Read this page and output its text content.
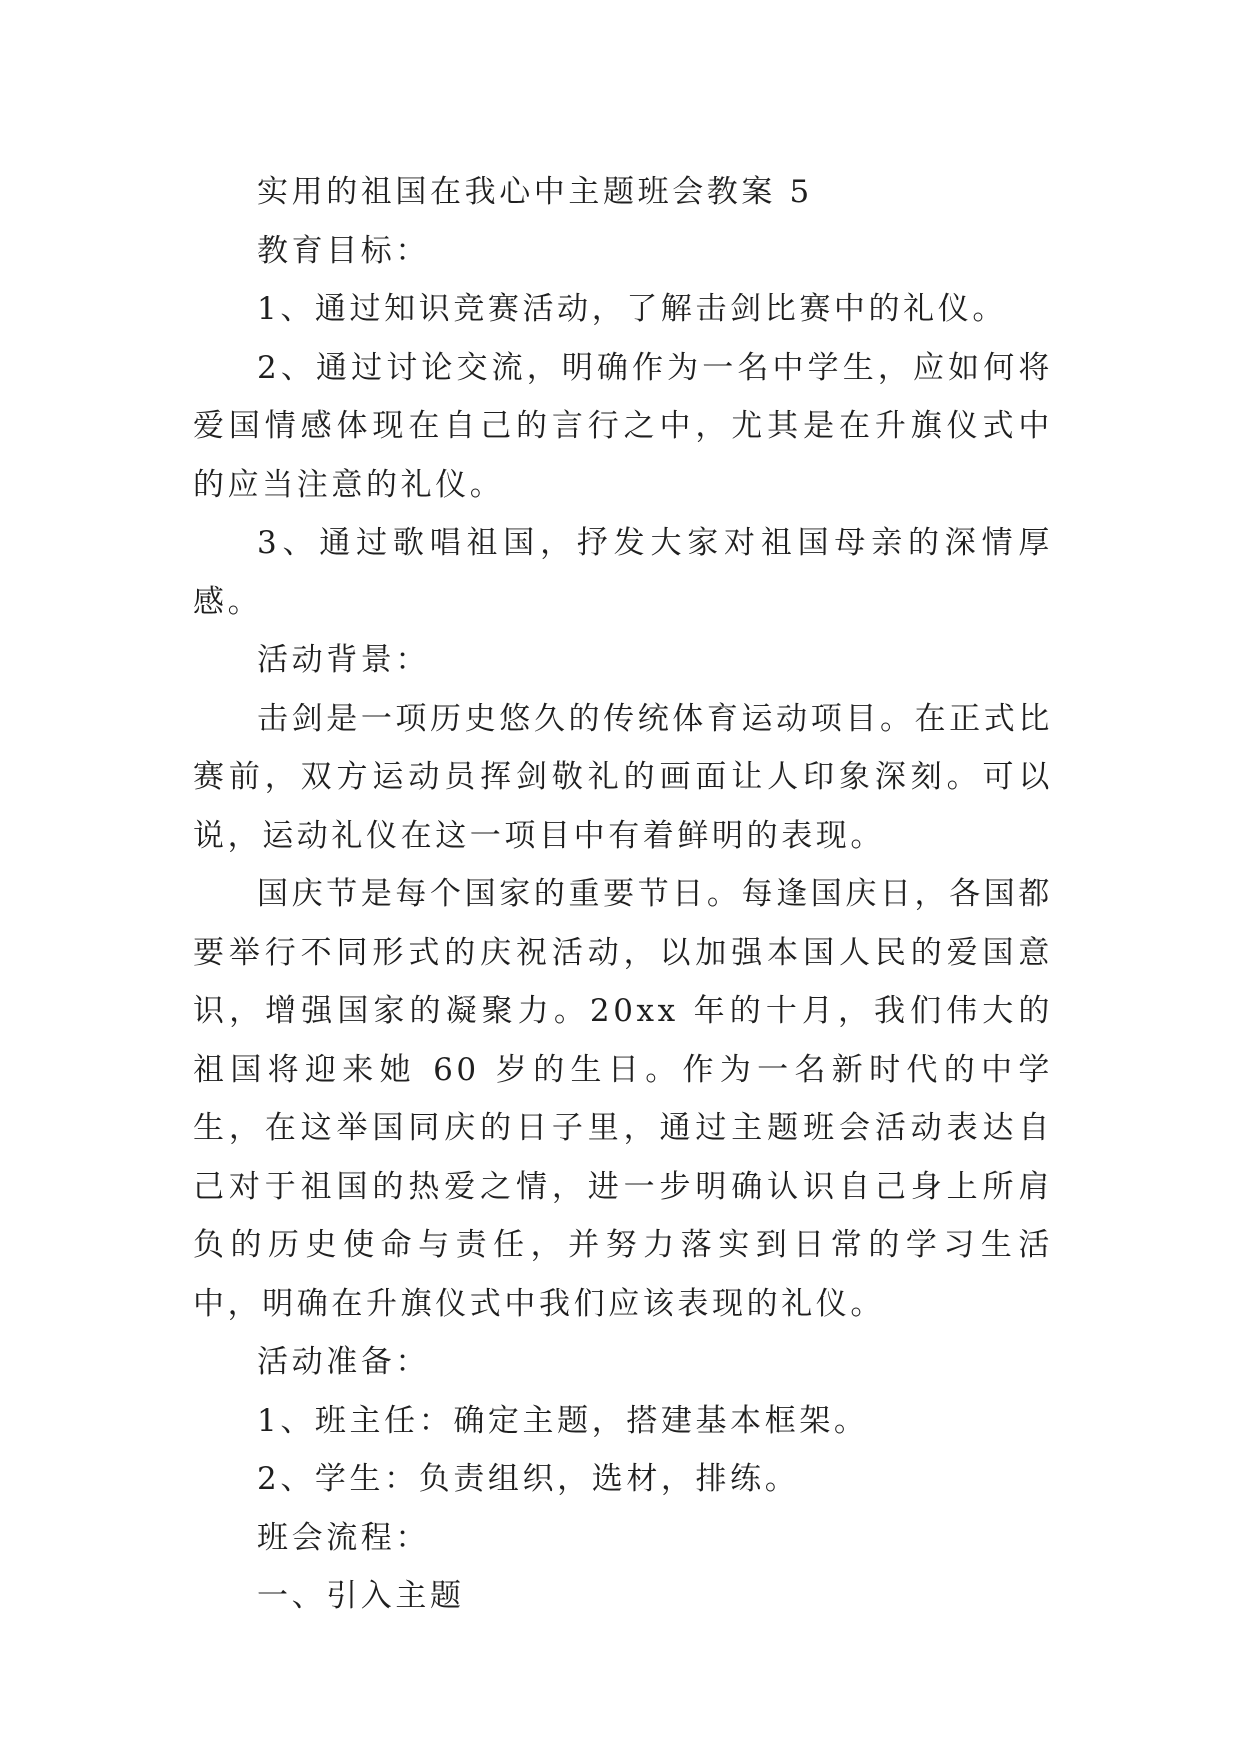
实用的祖国在我心中主题班会教案 5

教育目标：

1、通过知识竞赛活动，了解击剑比赛中的礼仪。

2、通过讨论交流，明确作为一名中学生，应如何将爱国情感体现在自己的言行之中，尤其是在升旗仪式中的应当注意的礼仪。

3、通过歌唱祖国，抒发大家对祖国母亲的深情厚感。

活动背景：

击剑是一项历史悠久的传统体育运动项目。在正式比赛前，双方运动员挥剑敬礼的画面让人印象深刻。可以说，运动礼仪在这一项目中有着鲜明的表现。

国庆节是每个国家的重要节日。每逢国庆日，各国都要举行不同形式的庆祝活动，以加强本国人民的爱国意识，增强国家的凝聚力。20xx 年的十月，我们伟大的祖国将迎来她 60 岁的生日。作为一名新时代的中学生，在这举国同庆的日子里，通过主题班会活动表达自己对于祖国的热爱之情，进一步明确认识自己身上所肩负的历史使命与责任，并努力落实到日常的学习生活中，明确在升旗仪式中我们应该表现的礼仪。

活动准备：

1、班主任：确定主题，搭建基本框架。

2、学生：负责组织，选材，排练。

班会流程：

一、引入主题
